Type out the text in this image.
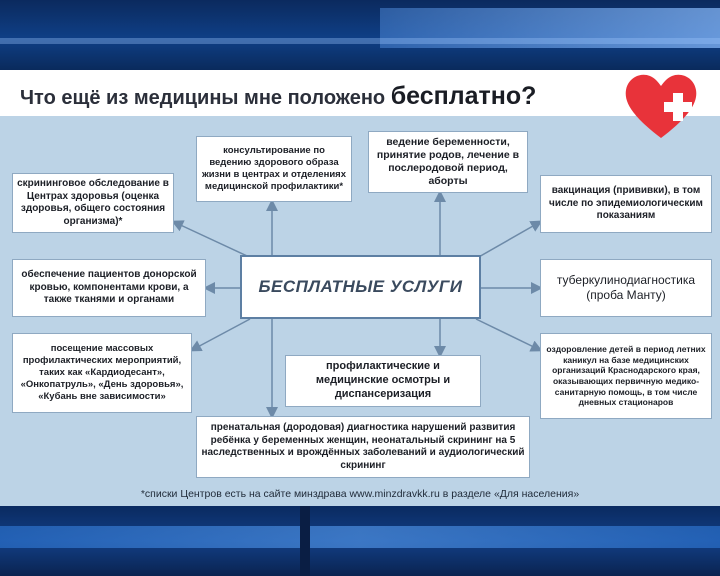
Что ещё из медицины мне положено бесплатно?
консультирование по ведению здорового образа жизни в центрах и отделениях медицинской профилактики*
ведение беременности, принятие родов, лечение в послеродовой период, аборты
скрининговое обследование в Центрах здоровья (оценка здоровья, общего состояния организма)*
вакцинация (прививки), в том числе по эпидемиологическим показаниям
обеспечение пациентов донорской кровью, компонентами крови, а также тканями и органами
туберкулинодиагностика (проба Манту)
посещение массовых профилактических мероприятий, таких как «Кардиодесант», «Онкопатруль», «День здоровья», «Кубань вне зависимости»
профилактические и медицинские осмотры и диспансеризация
оздоровление детей в период летних каникул на базе медицинских организаций Краснодарского края, оказывающих первичную медико-санитарную помощь, в том числе дневных стационаров
пренатальная (дородовая) диагностика нарушений развития ребёнка у беременных женщин, неонатальный скрининг на 5 наследственных и врождённых заболеваний и аудиологический скрининг
БЕСПЛАТНЫЕ УСЛУГИ
*списки Центров есть на сайте минздрава www.minzdravkk.ru в разделе «Для населения»
